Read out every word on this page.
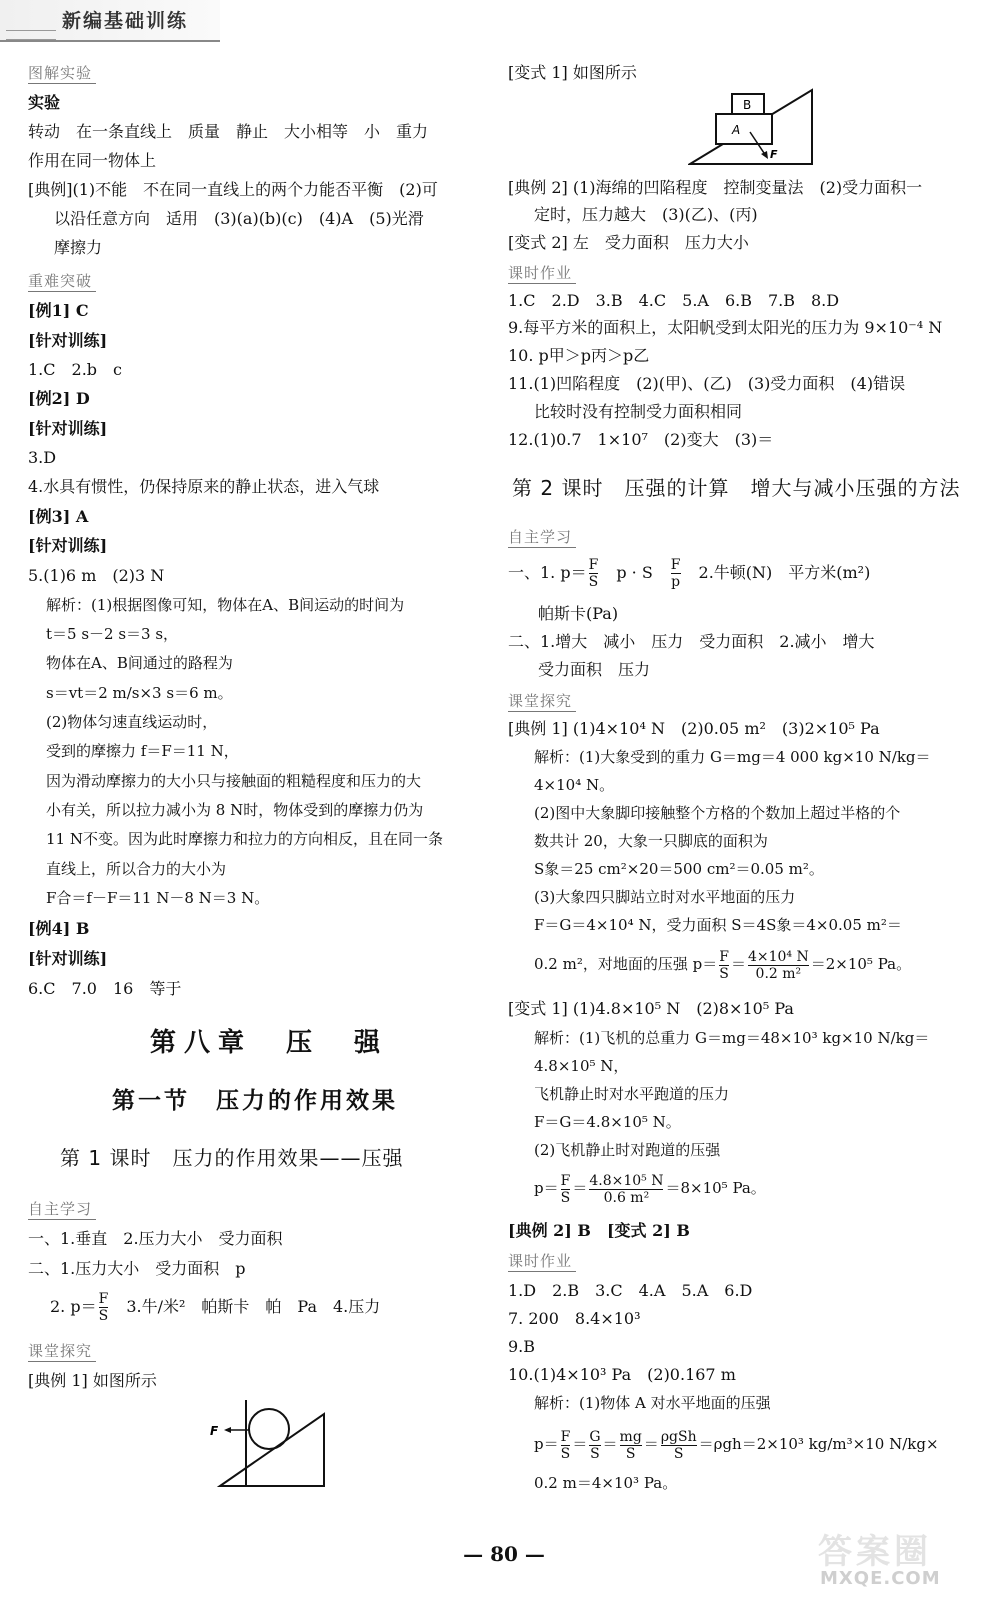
新编基础训练
图解实验
实验
转动　在一条直线上　质量　静止　大小相等　小　重力
作用在同一物体上
[典例](1)不能　不在同一直线上的两个力能否平衡　(2)可
以沿任意方向　适用　(3)(a)(b)(c)　(4)A　(5)光滑
摩擦力
重难突破
[例1] C
[针对训练]
1.C　2.b　c
[例2] D
[针对训练]
3.D
4.水具有惯性，仍保持原来的静止状态，进入气球
[例3] A
[针对训练]
5.(1)6 m　(2)3 N
解析：(1)根据图像可知，物体在A、B间运动的时间为
t＝5 s－2 s＝3 s，
物体在A、B间通过的路程为
s＝vt＝2 m/s×3 s＝6 m。
(2)物体匀速直线运动时，
受到的摩擦力 f＝F＝11 N，
因为滑动摩擦力的大小只与接触面的粗糙程度和压力的大
小有关，所以拉力减小为 8 N时，物体受到的摩擦力仍为
11 N不变。因为此时摩擦力和拉力的方向相反，且在同一条
直线上，所以合力的大小为
F合＝f－F＝11 N－8 N＝3 N。
[例4] B
[针对训练]
6.C　7.0　16　等于
第八章　压　强
第一节　压力的作用效果
第 1 课时　压力的作用效果——压强
自主学习
一、1.垂直　2.压力大小　受力面积
二、1.压力大小　受力面积　p
2. $p= \frac{F}{S}$ 　3.牛/米²　帕斯卡　帕　Pa　4.压力
课堂探究
[典例 1] 如图所示
F
[变式 1] 如图所示
A
B
F
[典例 2] (1)海绵的凹陷程度　控制变量法　(2)受力面积一
定时，压力越大　(3)(乙)、(丙)
[变式 2] 左　受力面积　压力大小
课时作业
1.C　2.D　3.B　4.C　5.A　6.B　7.B　8.D
9.每平方米的面积上，太阳帆受到太阳光的压力为 9×10⁻⁴ N
10. p甲＞p丙＞p乙
11.(1)凹陷程度　(2)(甲)、(乙)　(3)受力面积　(4)错误
比较时没有控制受力面积相同
12.(1)0.7　1×10⁷　(2)变大　(3)＝
第 2 课时　压强的计算　增大与减小压强的方法
自主学习
一、1. $p= \frac{F}{S}$ 　p · S　 $\frac{F}{p}$ 　2.牛顿(N)　平方米(m²)
帕斯卡(Pa)
二、1.增大　减小　压力　受力面积　2.减小　增大
受力面积　压力
课堂探究
[典例 1] (1)4×10⁴ N　(2)0.05 m²　(3)2×10⁵ Pa
解析：(1)大象受到的重力 G＝mg＝4 000 kg×10 N/kg＝
4×10⁴ N。
(2)图中大象脚印接触整个方格的个数加上超过半格的个
数共计 20，大象一只脚底的面积为
S象＝25 cm²×20＝500 cm²＝0.05 m²。
(3)大象四只脚站立时对水平地面的压力
F＝G＝4×10⁴ N，受力面积 S＝4S象＝4×0.05 m²＝
0.2 m²，对地面的压强 $p= \frac{F}{S} = \frac{\text{4×10⁴ N}}{\text{0.2 m²}} =2\times 10^5$ Pa。
[变式 1] (1)4.8×10⁵ N　(2)8×10⁵ Pa
解析：(1)飞机的总重力 G＝mg＝48×10³ kg×10 N/kg＝
4.8×10⁵ N，
飞机静止时对水平跑道的压力
F＝G＝4.8×10⁵ N。
(2)飞机静止时对跑道的压强
$p= \frac{F}{S} = \frac{\text{4.8×10⁵ N}}{\text{0.6 m²}} =8\times 10^5$ Pa。
[典例 2] B　[变式 2] B
课时作业
1.D　2.B　3.C　4.A　5.A　6.D
7. 200　8.4×10³
9.B
10.(1)4×10³ Pa　(2)0.167 m
解析：(1)物体 A 对水平地面的压强
$p= \frac{F}{S} = \frac{G}{S} = \frac{mg}{S} = \frac{\text{ρgSh}}{S} =\rho gh=2\times 10^3$ kg/m³×10 N/kg×
0.2 m＝4×10³ Pa。
— 80 —	答案圈
MXQE.COM
